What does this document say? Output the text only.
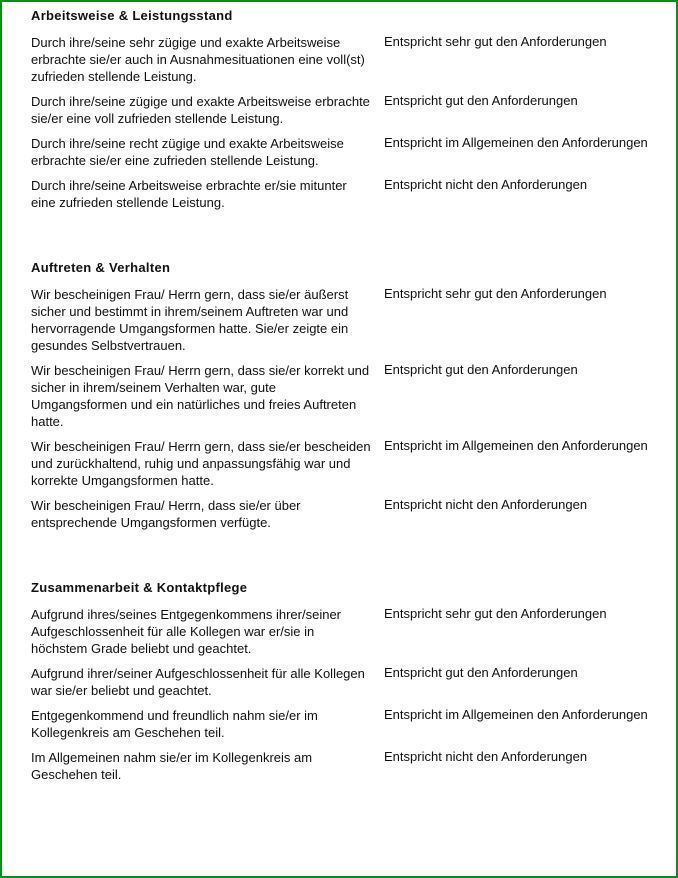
Arbeitsweise & Leistungsstand
Durch ihre/seine sehr zügige und exakte Arbeitsweise erbrachte sie/er auch in Ausnahmesituationen eine voll(st) zufrieden stellende Leistung.
Entspricht sehr gut den Anforderungen
Durch ihre/seine zügige und exakte Arbeitsweise erbrachte sie/er eine voll zufrieden stellende Leistung.
Entspricht gut den Anforderungen
Durch ihre/seine recht zügige und exakte Arbeitsweise erbrachte sie/er eine zufrieden stellende Leistung.
Entspricht im Allgemeinen den Anforderungen
Durch ihre/seine Arbeitsweise erbrachte er/sie mitunter eine zufrieden stellende Leistung.
Entspricht nicht den Anforderungen
Auftreten & Verhalten
Wir bescheinigen Frau/ Herrn gern, dass sie/er äußerst sicher und bestimmt in ihrem/seinem Auftreten war und hervorragende Umgangsformen hatte. Sie/er zeigte ein gesundes Selbstvertrauen.
Entspricht sehr gut den Anforderungen
Wir bescheinigen Frau/ Herrn gern, dass sie/er korrekt und sicher in ihrem/seinem Verhalten war, gute Umgangsformen und ein natürliches und freies Auftreten hatte.
Entspricht gut den Anforderungen
Wir bescheinigen Frau/ Herrn gern, dass sie/er bescheiden und zurückhaltend, ruhig und anpassungsfähig war und korrekte Umgangsformen hatte.
Entspricht im Allgemeinen den Anforderungen
Wir bescheinigen Frau/ Herrn, dass sie/er über entsprechende Umgangsformen verfügte.
Entspricht nicht den Anforderungen
Zusammenarbeit & Kontaktpflege
Aufgrund ihres/seines Entgegenkommens ihrer/seiner Aufgeschlossenheit für alle Kollegen war er/sie in höchstem Grade beliebt und geachtet.
Entspricht sehr gut den Anforderungen
Aufgrund ihrer/seiner Aufgeschlossenheit für alle Kollegen war sie/er beliebt und geachtet.
Entspricht gut den Anforderungen
Entgegenkommend und freundlich nahm sie/er im Kollegenkreis am Geschehen teil.
Entspricht im Allgemeinen den Anforderungen
Im Allgemeinen nahm sie/er im Kollegenkreis am Geschehen teil.
Entspricht nicht den Anforderungen
